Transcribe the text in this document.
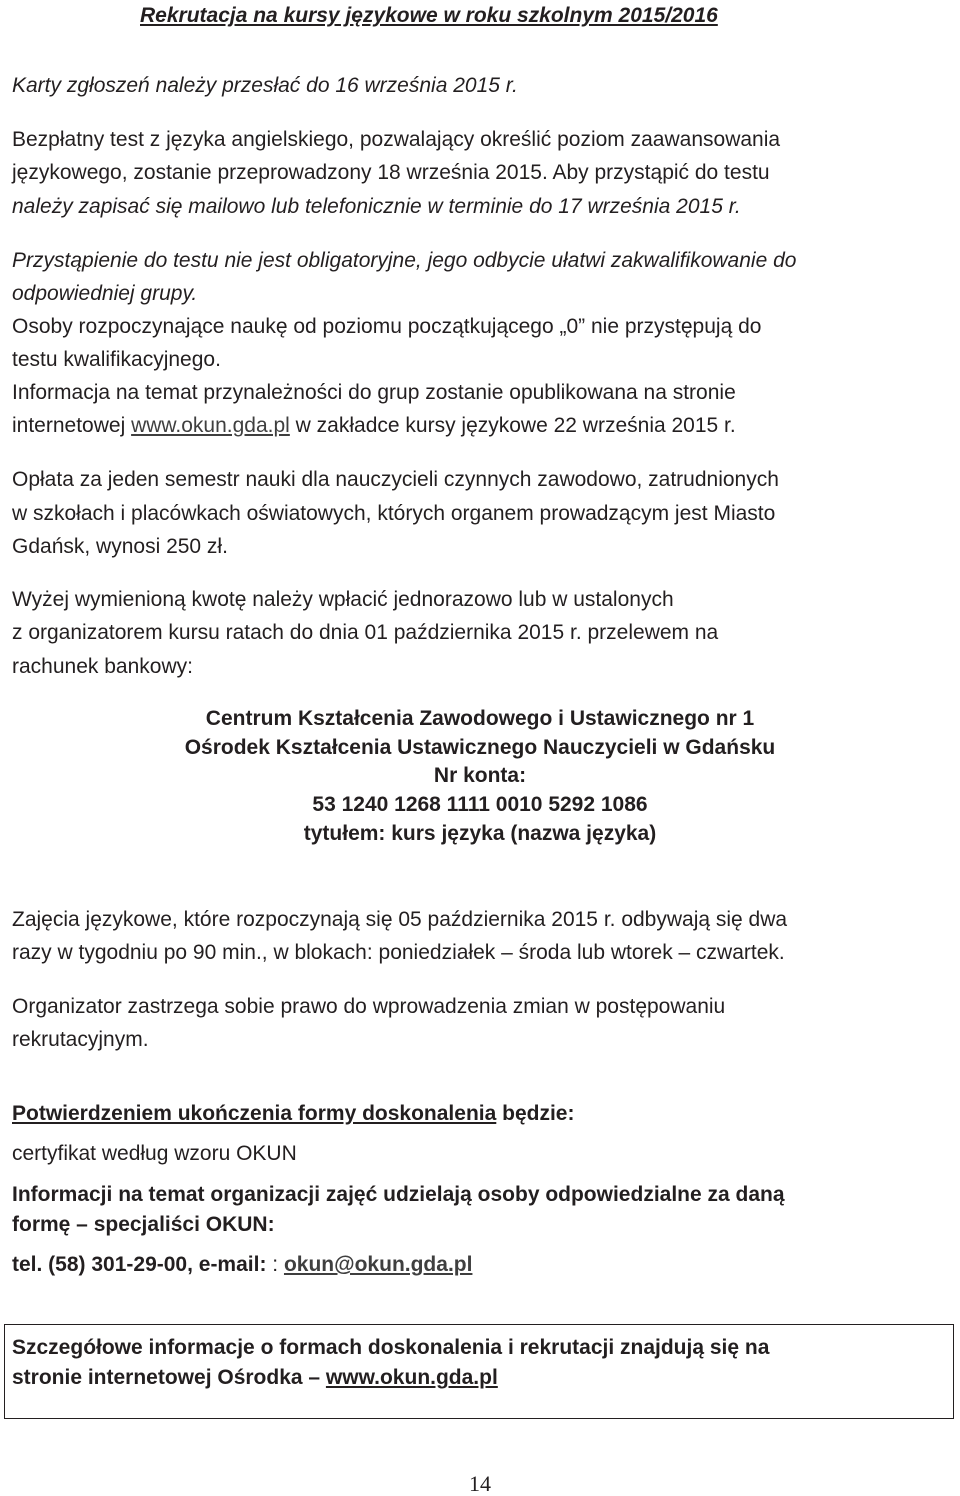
Rekrutacja na kursy językowe w roku szkolnym 2015/2016
Karty zgłoszeń należy przesłać do 16 września 2015 r.
Bezpłatny test z języka angielskiego, pozwalający określić poziom zaawansowania
językowego, zostanie przeprowadzony 18 września 2015. Aby przystąpić do testu
należy zapisać się mailowo lub telefonicznie w terminie do 17 września 2015 r.
Przystąpienie do testu nie jest obligatoryjne, jego odbycie ułatwi zakwalifikowanie do
odpowiedniej grupy.
Osoby rozpoczynające naukę od poziomu początkującego „0” nie przystępują do
testu kwalifikacyjnego.
Informacja na temat przynależności do grup zostanie opublikowana na stronie
internetowej www.okun.gda.pl w zakładce kursy językowe 22 września 2015 r.
Opłata za jeden semestr nauki dla nauczycieli czynnych zawodowo, zatrudnionych
w szkołach i placówkach oświatowych, których organem prowadzącym jest Miasto
Gdańsk, wynosi 250 zł.
Wyżej wymienioną kwotę należy wpłacić jednorazowo lub w ustalonych
z organizatorem kursu ratach do dnia 01 października 2015 r. przelewem na
rachunek bankowy:
Centrum Kształcenia Zawodowego i Ustawicznego nr 1
Ośrodek Kształcenia Ustawicznego Nauczycieli w Gdańsku
Nr konta:
53 1240 1268 1111 0010 5292 1086
tytułem: kurs języka (nazwa języka)
Zajęcia językowe, które rozpoczynają się 05 października 2015 r. odbywają się dwa
razy w tygodniu po 90 min., w blokach: poniedziałek – środa lub wtorek – czwartek.
Organizator zastrzega sobie prawo do wprowadzenia zmian w postępowaniu
rekrutacyjnym.
Potwierdzeniem ukończenia formy doskonalenia będzie:
certyfikat według wzoru OKUN
Informacji na temat organizacji zajęć udzielają osoby odpowiedzialne za daną
formę – specjaliści OKUN:
tel. (58) 301-29-00, e-mail: : okun@okun.gda.pl
Szczegółowe informacje o formach doskonalenia i rekrutacji znajdują się na
stronie internetowej Ośrodka – www.okun.gda.pl
14
